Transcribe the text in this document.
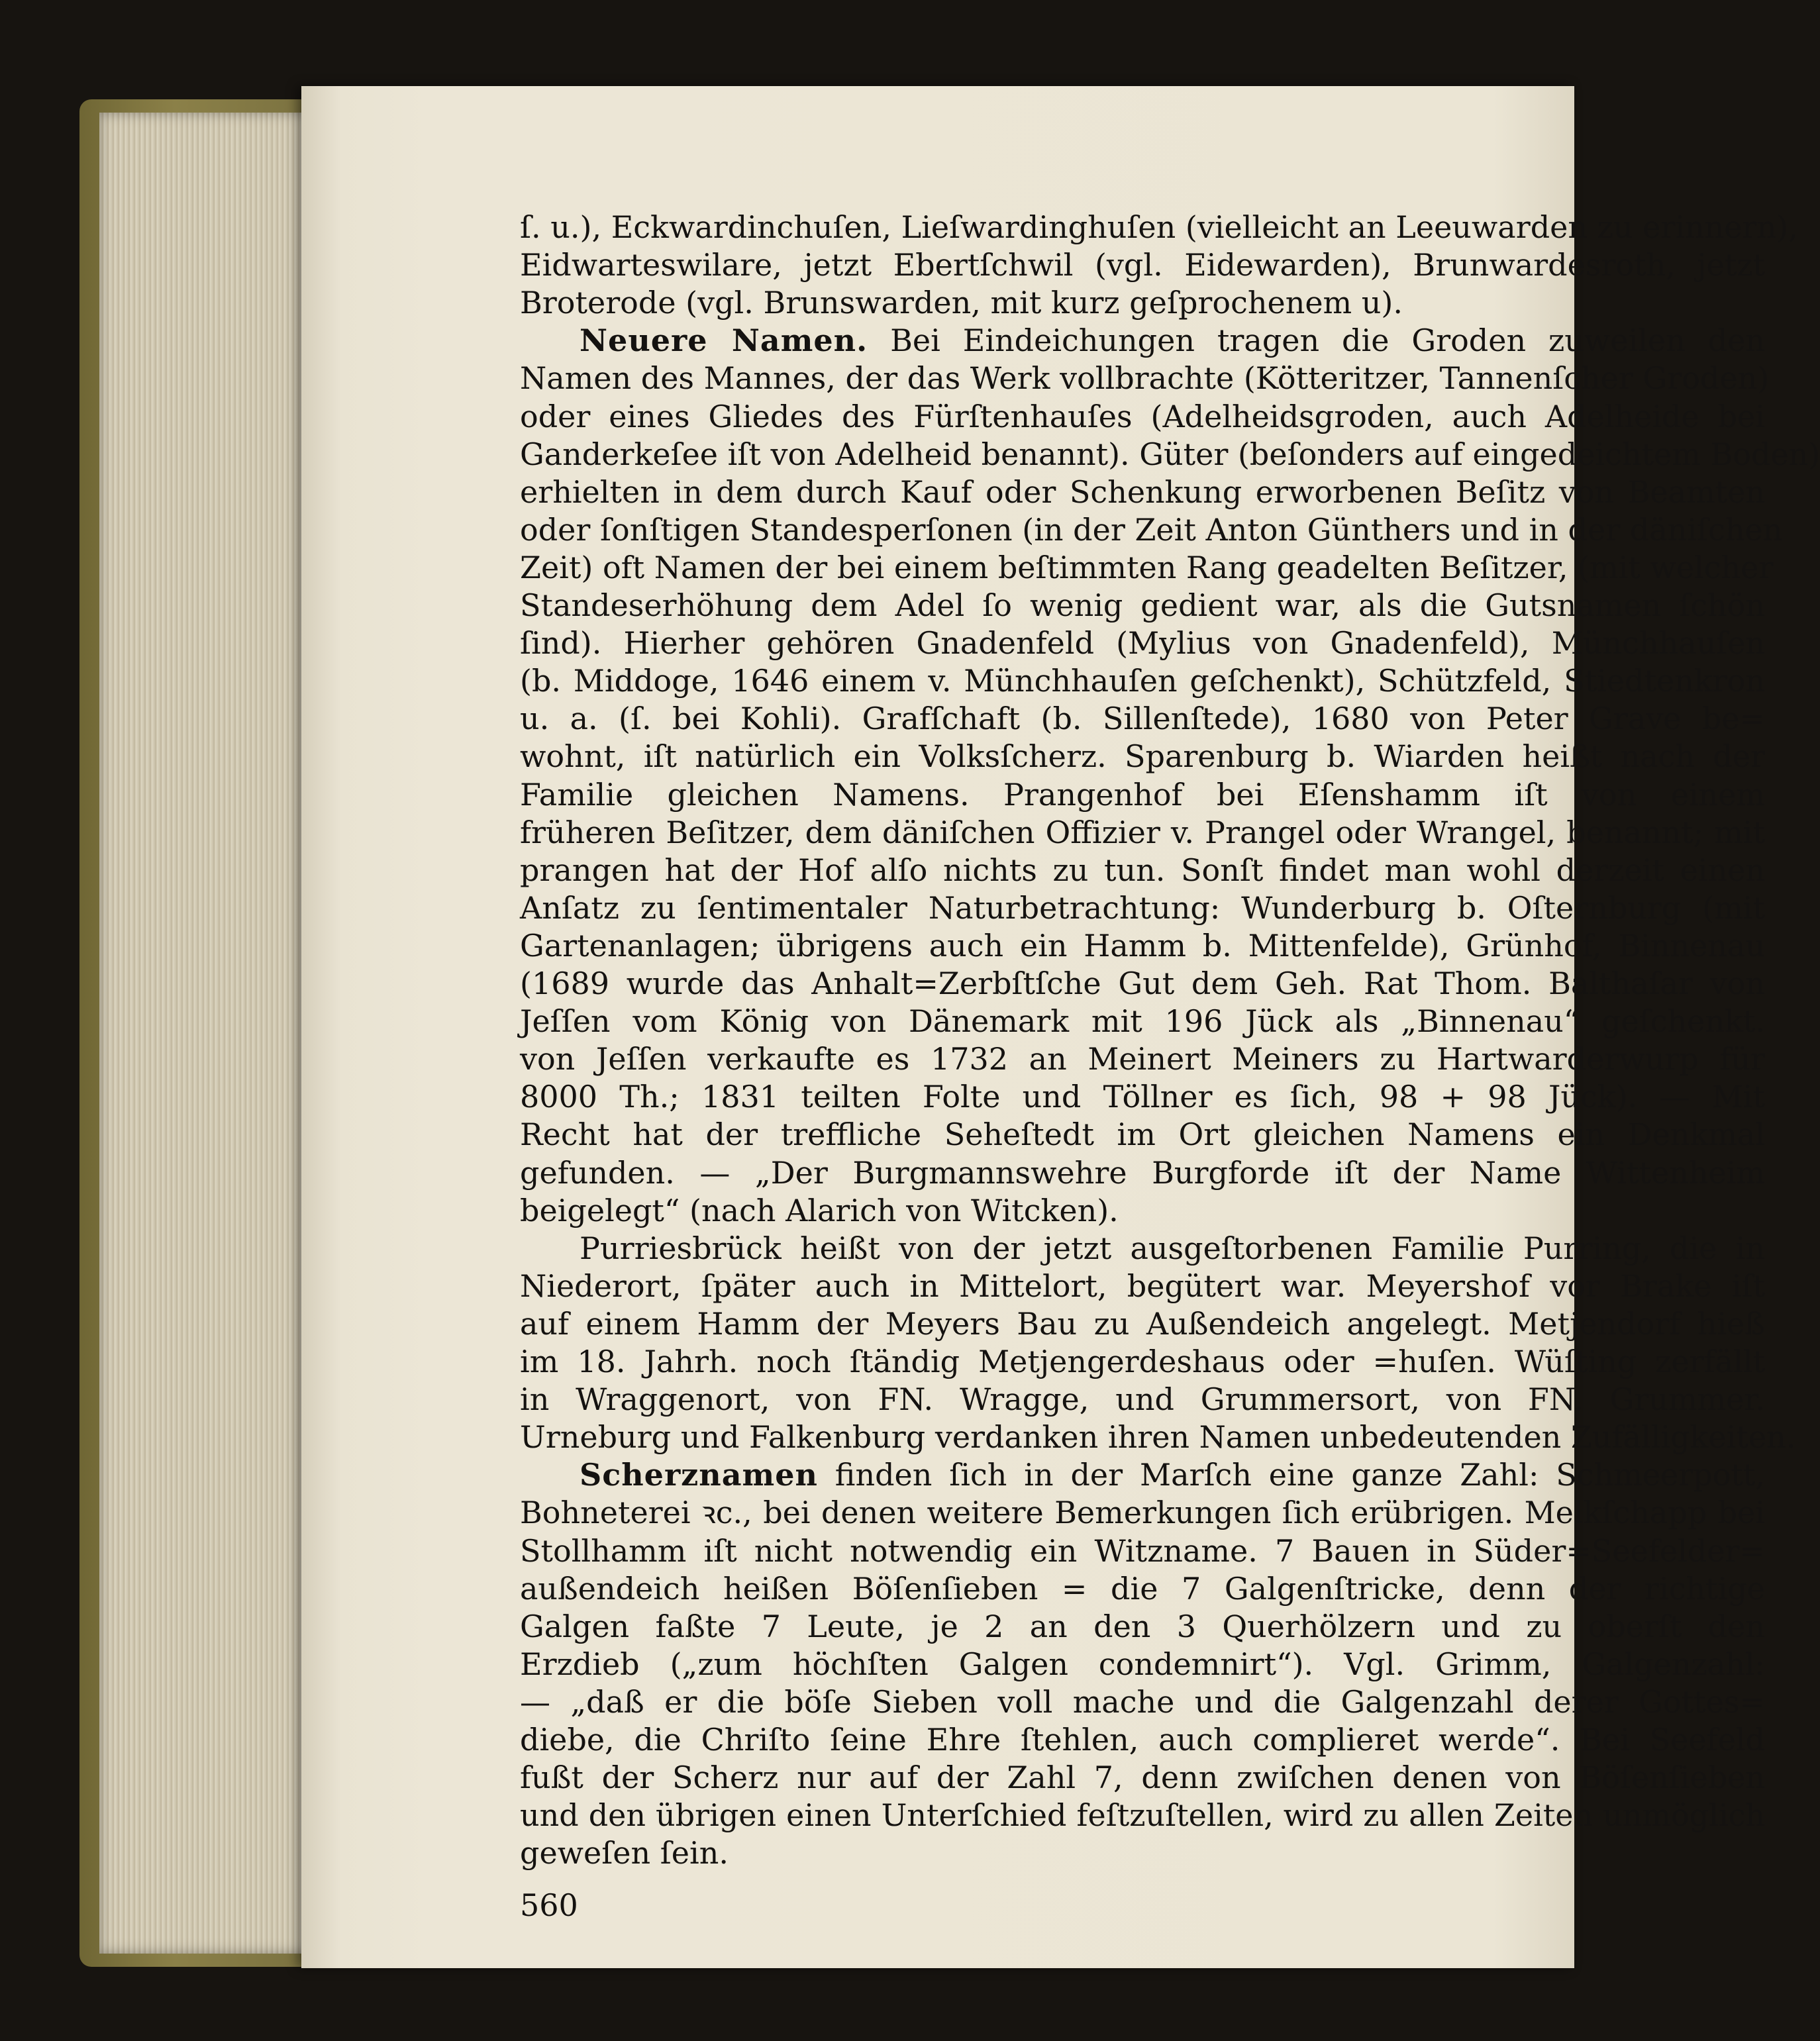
ſ. u.), Eckwardinchuſen, Lieſwardinghuſen (vielleicht an Leeuwarden zu erinnern),
Eidwarteswilare, jetzt Ebertſchwil (vgl. Eidewarden), Brunwardesroth, jetzt
Broterode (vgl. Brunswarden, mit kurz geſprochenem u).
Neuere Namen. Bei Eindeichungen tragen die Groden zuweilen den
Namen des Mannes, der das Werk vollbrachte (Kötteritzer, Tannenſcher Groden)
oder eines Gliedes des Fürſtenhauſes (Adelheidsgroden, auch Adelheide bei
Ganderkeſee iſt von Adelheid benannt). Güter (beſonders auf eingedeichtem Boden)
erhielten in dem durch Kauf oder Schenkung erworbenen Beſitz von Beamten
oder ſonſtigen Standesperſonen (in der Zeit Anton Günthers und in der däniſchen
Zeit) oft Namen der bei einem beſtimmten Rang geadelten Beſitzer, (mit welcher
Standeserhöhung dem Adel ſo wenig gedient war, als die Gutsnamen ſchön
ſind). Hierher gehören Gnadenfeld (Mylius von Gnadenfeld), Münchhauſen
(b. Middoge, 1646 einem v. Münchhauſen geſchenkt), Schützfeld, Stiedtenkron
u. a. (ſ. bei Kohli). Grafſchaft (b. Sillenſtede), 1680 von Peter Grave be=
wohnt, iſt natürlich ein Volksſcherz. Sparenburg b. Wiarden heißt nach der
Familie gleichen Namens. Prangenhof bei Eſenshamm iſt von einem
früheren Beſitzer, dem däniſchen Offizier v. Prangel oder Wrangel, benannt; mit
prangen hat der Hof alſo nichts zu tun. Sonſt findet man wohl derzeit einen
Anſatz zu ſentimentaler Naturbetrachtung: Wunderburg b. Oſternburg (mit
Gartenanlagen; übrigens auch ein Hamm b. Mittenfelde), Grünhof, Binnenau
(1689 wurde das Anhalt=Zerbſtſche Gut dem Geh. Rat Thom. Balthaſar von
Jeſſen vom König von Dänemark mit 196 Jück als „Binnenau“ geſchenkt.
von Jeſſen verkaufte es 1732 an Meinert Meiners zu Hartwarderwurp für
8000 Th.; 1831 teilten Folte und Töllner es ſich, 98 + 98 Jück). — Mit
Recht hat der treffliche Seheſtedt im Ort gleichen Namens ein Denkmal
gefunden. — „Der Burgmannswehre Burgforde iſt der Name Wittenheim
beigelegt“ (nach Alarich von Witcken).
Purriesbrück heißt von der jetzt ausgeſtorbenen Familie Purring, die in
Niederort, ſpäter auch in Mittelort, begütert war. Meyershof vor Brake iſt
auf einem Hamm der Meyers Bau zu Außendeich angelegt. Metjendorf hieß
im 18. Jahrh. noch ſtändig Metjengerdeshaus oder =huſen. Wüſting zerfällt
in Wraggenort, von FN. Wragge, und Grummersort, von FN. Grummer.
Urneburg und Falkenburg verdanken ihren Namen unbedeutenden Zufälligkeiten.
Scherznamen finden ſich in der Marſch eine ganze Zahl: Schmeerpott,
Bohneterei ꝛc., bei denen weitere Bemerkungen ſich erübrigen. Melkſchapp bei
Stollhamm iſt nicht notwendig ein Witzname. 7 Bauen in Süder=Seefelder=
außendeich heißen Böſenſieben = die 7 Galgenſtricke, denn der richtige
Galgen faßte 7 Leute, je 2 an den 3 Querhölzern und zu oberſt den
Erzdieb („zum höchſten Galgen condemnirt“). Vgl. Grimm, Galgenzahl:
— „daß er die böſe Sieben voll mache und die Galgenzahl derer Gottes=
diebe, die Chriſto ſeine Ehre ſtehlen, auch complieret werde“. Bei Seefeld
fußt der Scherz nur auf der Zahl 7, denn zwiſchen denen von Böſenſieben
und den übrigen einen Unterſchied feſtzuſtellen, wird zu allen Zeiten unmöglich
geweſen ſein.
560
